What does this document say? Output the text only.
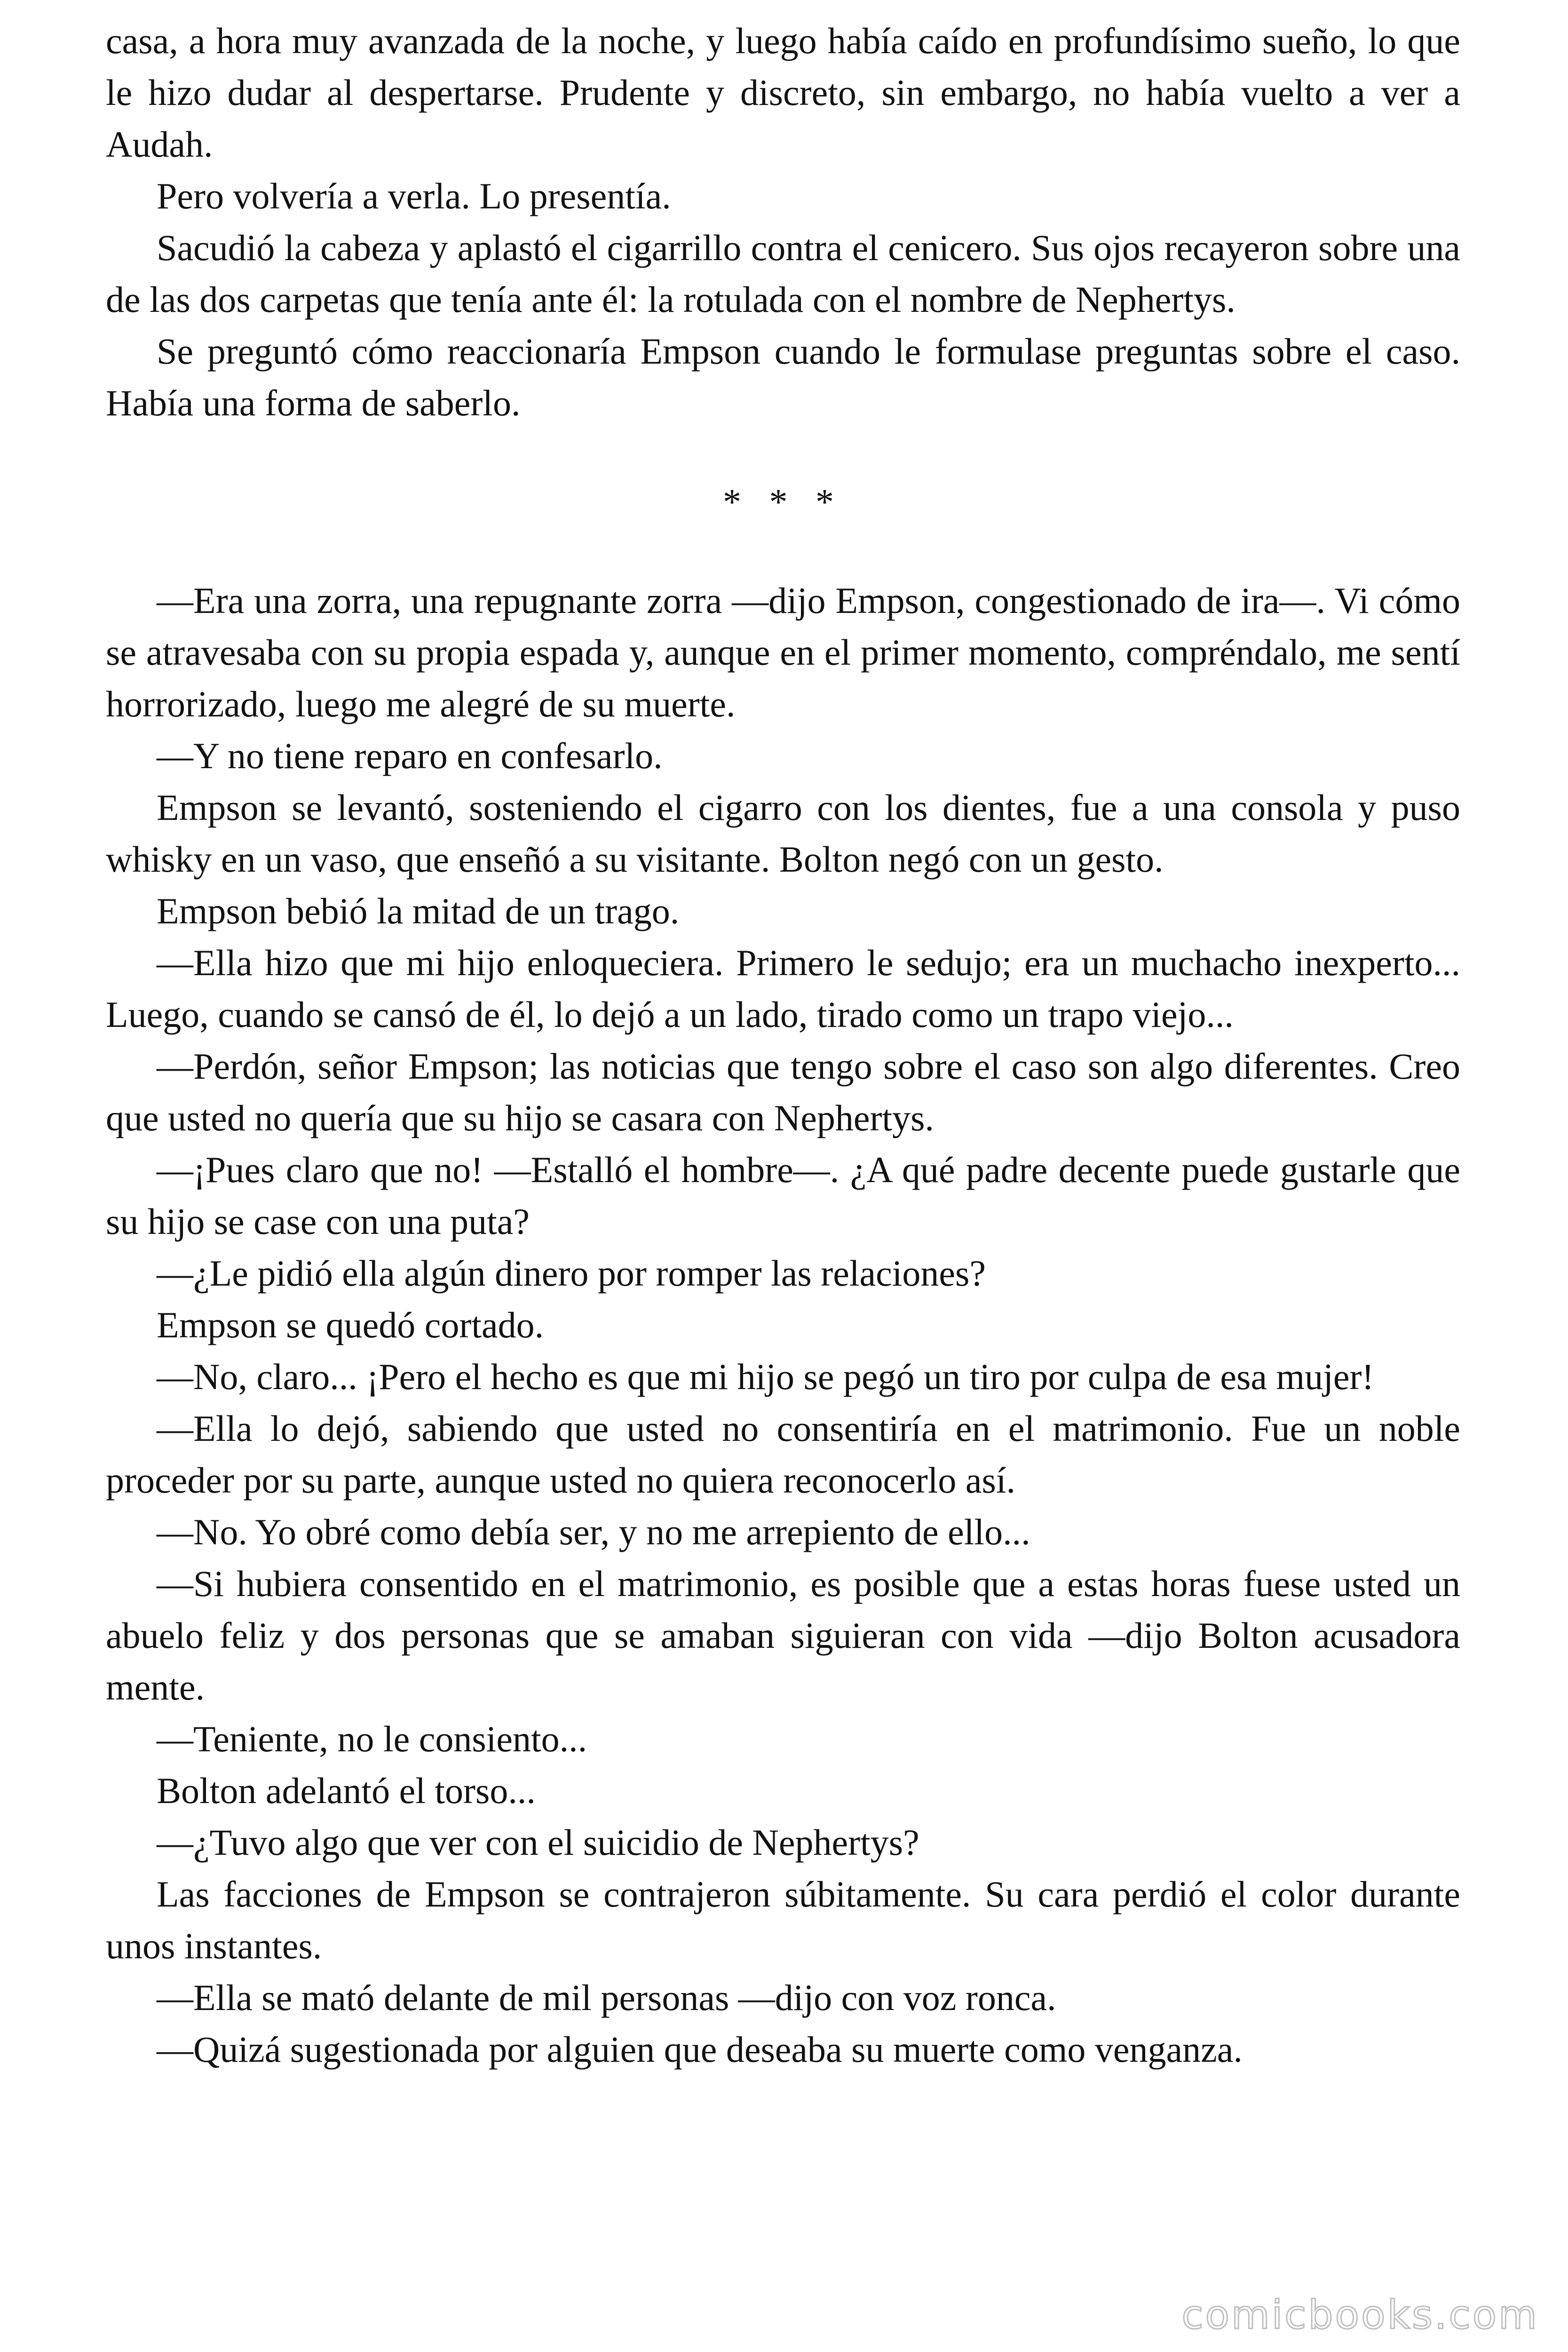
casa, a hora muy avanzada de la noche, y luego había caído en profundísimo sueño, lo que le hizo dudar al despertarse. Prudente y discreto, sin embargo, no había vuelto a ver a Audah.

Pero volvería a verla. Lo presentía.

Sacudió la cabeza y aplastó el cigarrillo contra el cenicero. Sus ojos recayeron sobre una de las dos carpetas que tenía ante él: la rotulada con el nombre de Nephertys.

Se preguntó cómo reaccionaría Empson cuando le formulase preguntas sobre el caso. Había una forma de saberlo.

* * *

—Era una zorra, una repugnante zorra —dijo Empson, congestionado de ira—. Vi cómo se atravesaba con su propia espada y, aunque en el primer momento, compréndalo, me sentí horrorizado, luego me alegré de su muerte.

—Y no tiene reparo en confesarlo.

Empson se levantó, sosteniendo el cigarro con los dientes, fue a una consola y puso whisky en un vaso, que enseñó a su visitante. Bolton negó con un gesto.

Empson bebió la mitad de un trago.

—Ella hizo que mi hijo enloqueciera. Primero le sedujo; era un muchacho inexperto... Luego, cuando se cansó de él, lo dejó a un lado, tirado como un trapo viejo...

—Perdón, señor Empson; las noticias que tengo sobre el caso son algo diferentes. Creo que usted no quería que su hijo se casara con Nephertys.

—¡Pues claro que no! —Estalló el hombre—. ¿A qué padre decente puede gustarle que su hijo se case con una puta?

—¿Le pidió ella algún dinero por romper las relaciones?

Empson se quedó cortado.

—No, claro... ¡Pero el hecho es que mi hijo se pegó un tiro por culpa de esa mujer!

—Ella lo dejó, sabiendo que usted no consentiría en el matrimonio. Fue un noble proceder por su parte, aunque usted no quiera reconocerlo así.

—No. Yo obré como debía ser, y no me arrepiento de ello...

—Si hubiera consentido en el matrimonio, es posible que a estas horas fuese usted un abuelo feliz y dos personas que se amaban siguieran con vida —dijo Bolton acusadora mente.

—Teniente, no le consiento...

Bolton adelantó el torso...

—¿Tuvo algo que ver con el suicidio de Nephertys?

Las facciones de Empson se contrajeron súbitamente. Su cara perdió el color durante unos instantes.

—Ella se mató delante de mil personas —dijo con voz ronca.

—Quizá sugestionada por alguien que deseaba su muerte como venganza.

comicbooks.com
